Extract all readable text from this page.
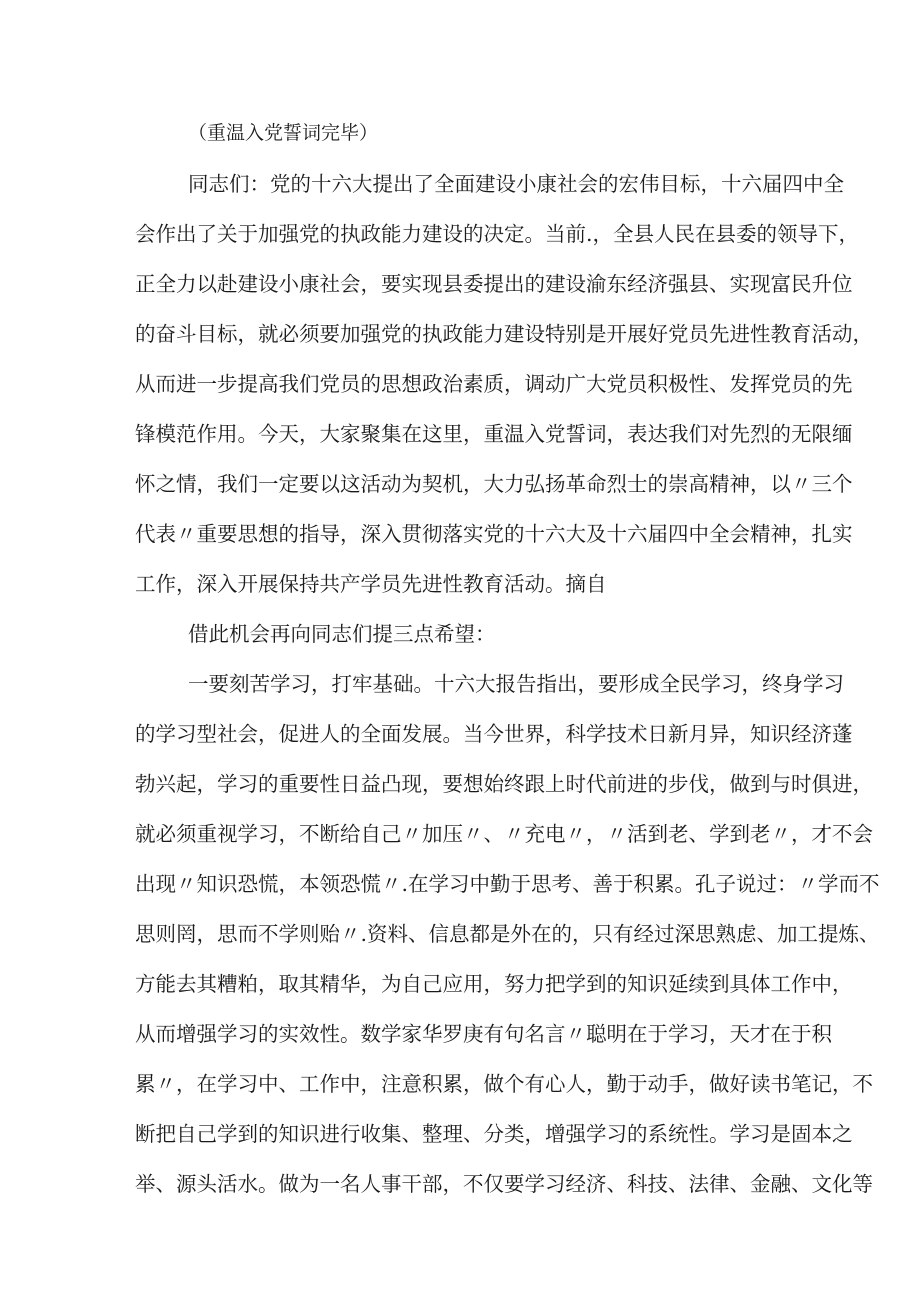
（重温入党誓词完毕）
同志们：党的十六大提出了全面建设小康社会的宏伟目标，十六届四中全
会作出了关于加强党的执政能力建设的决定。当前.，全县人民在县委的领导下，
正全力以赴建设小康社会，要实现县委提出的建设渝东经济强县、实现富民升位
的奋斗目标，就必须要加强党的执政能力建设特别是开展好党员先进性教育活动，
从而进一步提高我们党员的思想政治素质，调动广大党员积极性、发挥党员的先
锋模范作用。今天，大家聚集在这里，重温入党誓词，表达我们对先烈的无限缅
怀之情，我们一定要以这活动为契机，大力弘扬革命烈士的崇高精神，以〃三个
代表〃重要思想的指导，深入贯彻落实党的十六大及十六届四中全会精神，扎实
工作，深入开展保持共产学员先进性教育活动。摘自
借此机会再向同志们提三点希望：
一要刻苦学习，打牢基础。十六大报告指出，要形成全民学习，终身学习
的学习型社会，促进人的全面发展。当今世界，科学技术日新月异，知识经济蓬
勃兴起，学习的重要性日益凸现，要想始终跟上时代前进的步伐，做到与时俱进，
就必须重视学习，不断给自己〃加压〃、〃充电〃，〃活到老、学到老〃，才不会
出现〃知识恐慌，本领恐慌〃.在学习中勤于思考、善于积累。孔子说过：〃学而不
思则罔，思而不学则贻〃.资料、信息都是外在的，只有经过深思熟虑、加工提炼、
方能去其糟粕，取其精华，为自己应用，努力把学到的知识延续到具体工作中，
从而增强学习的实效性。数学家华罗庚有句名言〃聪明在于学习，天才在于积
累〃，在学习中、工作中，注意积累，做个有心人，勤于动手，做好读书笔记，不
断把自己学到的知识进行收集、整理、分类，增强学习的系统性。学习是固本之
举、源头活水。做为一名人事干部，不仅要学习经济、科技、法律、金融、文化等
